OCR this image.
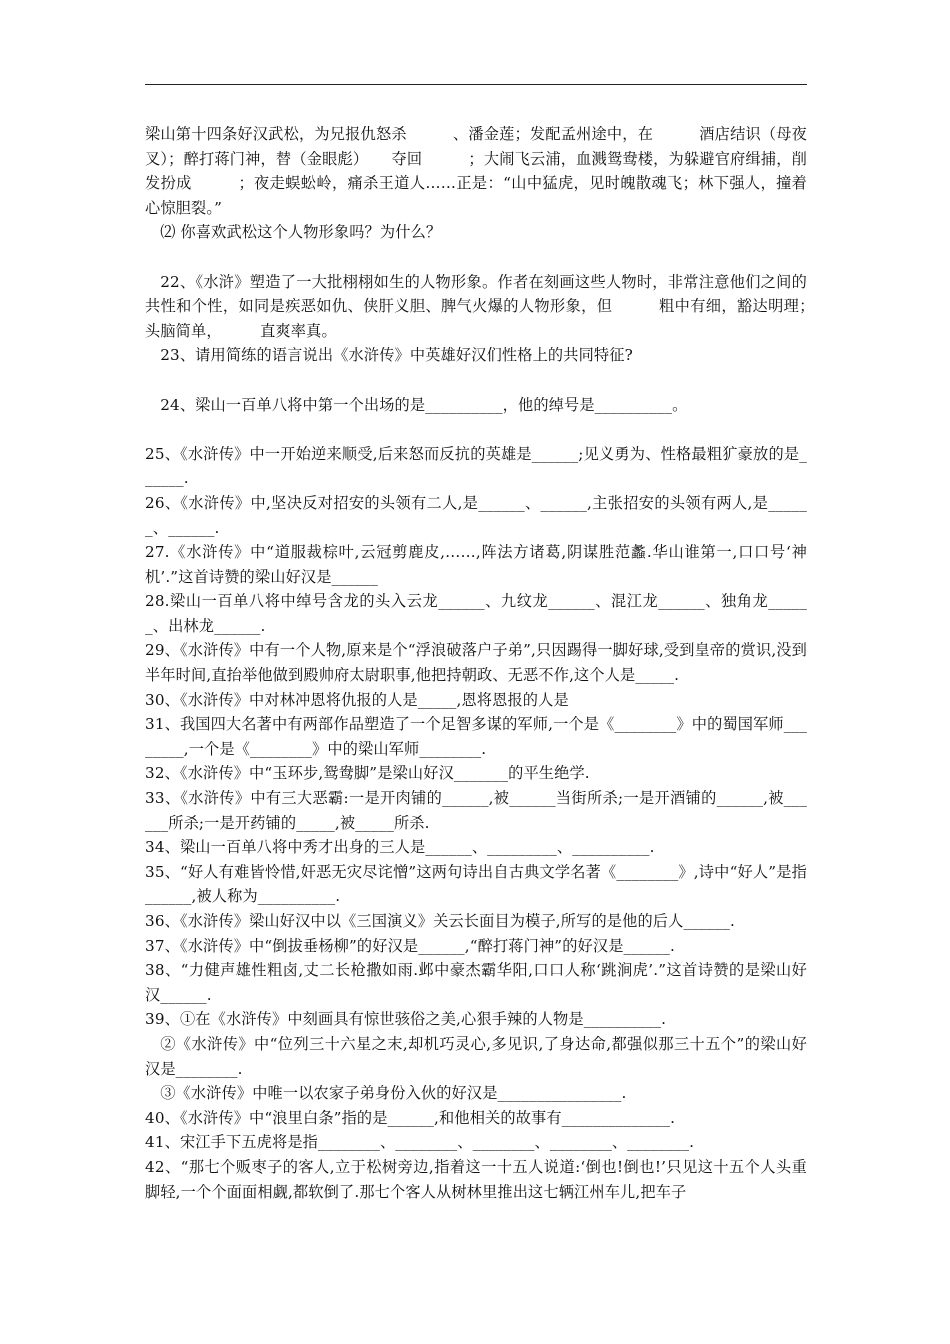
梁山第十四条好汉武松，为兄报仇怒杀　　　、潘金莲；发配孟州途中，在　　　酒店结识（母夜叉）；醉打蒋门神，替（金眼彪）　　夺回　　　；大闹飞云浦，血溅鸳鸯楼，为躲避官府缉捕，削发扮成　　　；夜走蜈蚣岭，痛杀王道人……正是：“山中猛虎，见时魄散魂飞；林下强人，撞着心惊胆裂。”

⑵ 你喜欢武松这个人物形象吗？为什么？

22、《水浒》塑造了一大批栩栩如生的人物形象。作者在刻画这些人物时，非常注意他们之间的共性和个性，如同是疾恶如仇、侠肝义胆、脾气火爆的人物形象，但　　　粗中有细，豁达明理；　　　头脑简单，　　　直爽率真。

23、请用简练的语言说出《水浒传》中英雄好汉们性格上的共同特征?

24、梁山一百单八将中第一个出场的是__________，他的绰号是__________。

25、《水浒传》中一开始逆来顺受,后来怒而反抗的英雄是______;见义勇为、性格最粗犷豪放的是______.

26、《水浒传》中,坚决反对招安的头领有二人,是______、______,主张招安的头领有两人,是______、______.

27.《水浒传》中“道服裁棕叶,云冠剪鹿皮,……,阵法方诸葛,阴谋胜范蠡.华山谁第一,口口号‘神机’.”这首诗赞的梁山好汉是______

28.梁山一百单八将中绰号含龙的头入云龙______、九纹龙______、混江龙______、独角龙______、出林龙______.

29、《水浒传》中有一个人物,原来是个“浮浪破落户子弟”,只因踢得一脚好球,受到皇帝的赏识,没到半年时间,直抬举他做到殿帅府太尉职事,他把持朝政、无恶不作,这个人是_____.

30、《水浒传》中对林冲恩将仇报的人是_____,恩将恩报的人是

31、我国四大名著中有两部作品塑造了一个足智多谋的军师,一个是《________》中的蜀国军师________,一个是《________》中的梁山军师________.

32、《水浒传》中“玉环步,鸳鸯脚”是梁山好汉_______的平生绝学.

33、《水浒传》中有三大恶霸:一是开肉铺的______,被______当街所杀;一是开酒铺的______,被______所杀;一是开药铺的_____,被_____所杀.

34、梁山一百单八将中秀才出身的三人是______、_________、__________.

35、“好人有难皆怜惜,奸恶无灾尽诧憎”这两句诗出自古典文学名著《________》,诗中“好人”是指______,被人称为__________.

36、《水浒传》梁山好汉中以《三国演义》关云长面目为模子,所写的是他的后人______.

37、《水浒传》中“倒拔垂杨柳”的好汉是______,“醉打蒋门神”的好汉是______.

38、“力健声雄性粗卤,丈二长枪撒如雨.邺中豪杰霸华阳,口口人称‘跳涧虎’.”这首诗赞的是梁山好汉______.

39、①在《水浒传》中刻画具有惊世骇俗之美,心狠手辣的人物是__________.

②《水浒传》中“位列三十六星之末,却机巧灵心,多见识,了身达命,都强似那三十五个”的梁山好汉是________.

③《水浒传》中唯一以农家子弟身份入伙的好汉是________________.

40、《水浒传》中“浪里白条”指的是______,和他相关的故事有______________.

41、宋江手下五虎将是指________、________、________、________、________.

42、“那七个贩枣子的客人,立于松树旁边,指着这一十五人说道:‘倒也!倒也!’只见这十五个人头重脚轻,一个个面面相觑,都软倒了.那七个客人从树林里推出这七辆江州车儿,把车子
